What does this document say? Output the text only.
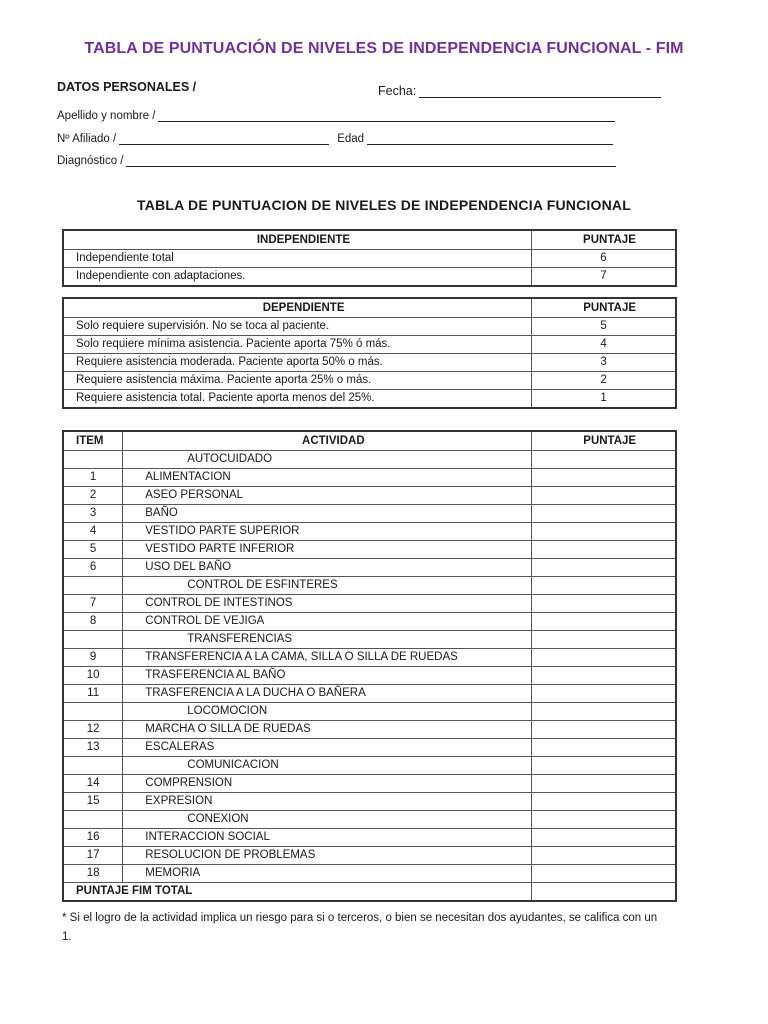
TABLA DE PUNTUACIÓN DE NIVELES DE INDEPENDENCIA FUNCIONAL - FIM
DATOS PERSONALES /	Fecha:
Apellido y nombre /
Nº Afiliado /	Edad
Diagnóstico /
TABLA DE PUNTUACION DE NIVELES DE INDEPENDENCIA FUNCIONAL
INDEPENDIENTE	PUNTAJE
Independiente total	6
Independiente con adaptaciones.	7
DEPENDIENTE	PUNTAJE
Solo requiere supervisión. No se toca al paciente.	5
Solo requiere mínima asistencia. Paciente aporta 75% ó más.	4
Requiere asistencia moderada. Paciente aporta 50% o más.	3
Requiere asistencia máxima. Paciente aporta 25% o más.	2
Requiere asistencia total. Paciente aporta menos del 25%.	1
ITEM	ACTIVIDAD	PUNTAJE
	AUTOCUIDADO	
1	ALIMENTACION	
2	ASEO PERSONAL	
3	BAÑO	
4	VESTIDO PARTE SUPERIOR	
5	VESTIDO PARTE INFERIOR	
6	USO DEL BAÑO	
	CONTROL DE ESFINTERES	
7	CONTROL DE INTESTINOS	
8	CONTROL DE VEJIGA	
	TRANSFERENCIAS	
9	TRANSFERENCIA A LA CAMA, SILLA O SILLA DE RUEDAS	
10	TRASFERENCIA AL BAÑO	
11	TRASFERENCIA A LA DUCHA O BAÑERA	
	LOCOMOCION	
12	MARCHA O SILLA DE RUEDAS	
13	ESCALERAS	
	COMUNICACION	
14	COMPRENSION	
15	EXPRESION	
	CONEXION	
16	INTERACCION SOCIAL	
17	RESOLUCION DE PROBLEMAS	
18	MEMORIA	
PUNTAJE FIM TOTAL		
* Si el logro de la actividad implica un riesgo para si o terceros, o bien se necesitan dos ayudantes, se califica con un 1.
